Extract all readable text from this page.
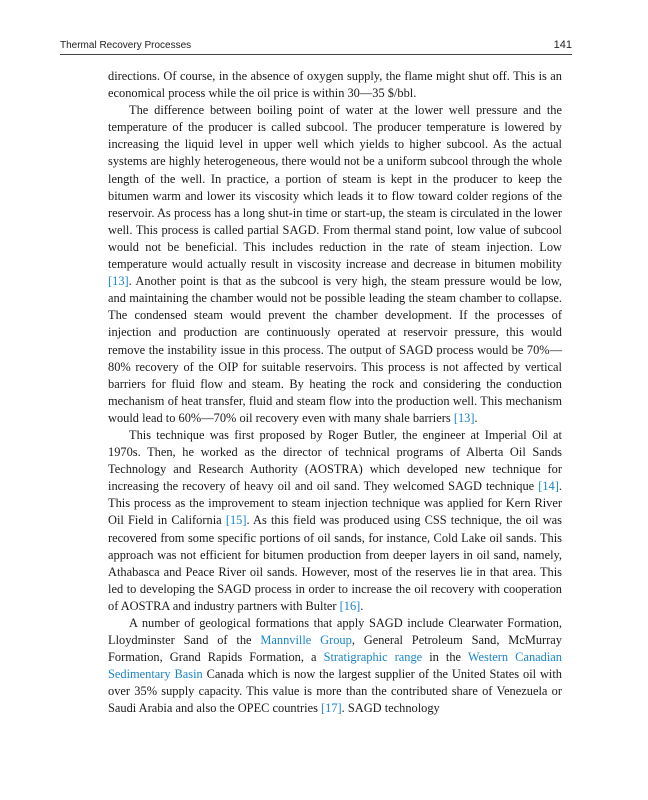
Thermal Recovery Processes	141

directions. Of course, in the absence of oxygen supply, the flame might shut off. This is an economical process while the oil price is within 30—35 $/bbl.

The difference between boiling point of water at the lower well pressure and the temperature of the producer is called subcool. The producer temperature is lowered by increasing the liquid level in upper well which yields to higher subcool. As the actual systems are highly heterogeneous, there would not be a uniform subcool through the whole length of the well. In practice, a portion of steam is kept in the producer to keep the bitumen warm and lower its viscosity which leads it to flow toward colder regions of the reservoir. As process has a long shut-in time or start-up, the steam is circulated in the lower well. This process is called partial SAGD. From thermal stand point, low value of subcool would not be beneficial. This includes reduction in the rate of steam injection. Low temperature would actually result in viscosity increase and decrease in bitumen mobility [13]. Another point is that as the subcool is very high, the steam pressure would be low, and maintaining the chamber would not be possible leading the steam chamber to collapse. The condensed steam would prevent the chamber development. If the processes of injection and production are continuously operated at reservoir pressure, this would remove the instability issue in this process. The output of SAGD process would be 70%—80% recovery of the OIP for suitable reservoirs. This process is not affected by vertical barriers for fluid flow and steam. By heating the rock and considering the conduction mechanism of heat transfer, fluid and steam flow into the production well. This mechanism would lead to 60%—70% oil recovery even with many shale barriers [13].

This technique was first proposed by Roger Butler, the engineer at Imperial Oil at 1970s. Then, he worked as the director of technical programs of Alberta Oil Sands Technology and Research Authority (AOSTRA) which developed new technique for increasing the recovery of heavy oil and oil sand. They welcomed SAGD technique [14]. This process as the improvement to steam injection technique was applied for Kern River Oil Field in California [15]. As this field was produced using CSS technique, the oil was recovered from some specific portions of oil sands, for instance, Cold Lake oil sands. This approach was not efficient for bitumen production from deeper layers in oil sand, namely, Athabasca and Peace River oil sands. However, most of the reserves lie in that area. This led to developing the SAGD process in order to increase the oil recovery with cooperation of AOSTRA and industry partners with Bulter [16].

A number of geological formations that apply SAGD include Clearwater Formation, Lloydminster Sand of the Mannville Group, General Petroleum Sand, McMurray Formation, Grand Rapids Formation, a Stratigraphic range in the Western Canadian Sedimentary Basin Canada which is now the largest supplier of the United States oil with over 35% supply capacity. This value is more than the contributed share of Venezuela or Saudi Arabia and also the OPEC countries [17]. SAGD technology
